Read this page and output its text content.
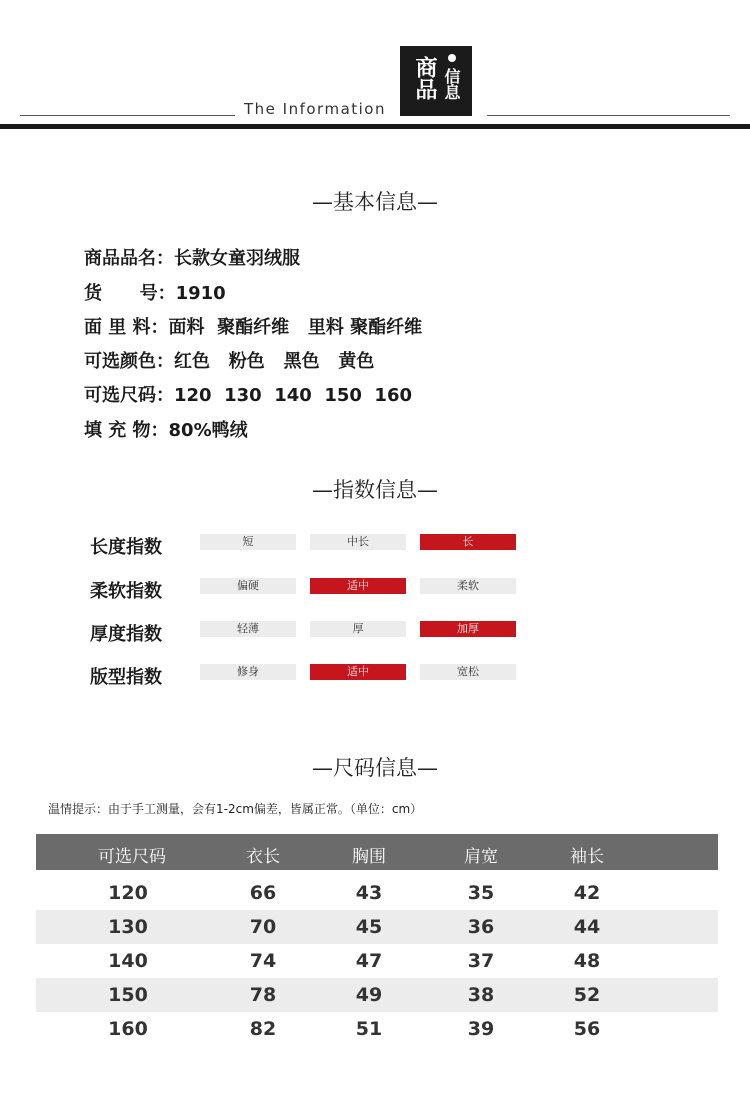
The Information
商品 信息
—基本信息—
商品品名：长款女童羽绒服
货      号：1910
面 里 料：面料  聚酯纤维   里料 聚酯纤维
可选颜色：红色   粉色   黑色   黄色
可选尺码：120  130  140  150  160
填 充 物：80%鸭绒
—指数信息—
长度指数	短	中长	长
柔软指数	偏硬	适中	柔软
厚度指数	轻薄	厚	加厚
版型指数	修身	适中	宽松
—尺码信息—
温情提示：由于手工测量，会有1-2cm偏差，皆属正常。（单位：cm）
可选尺码	衣长	胸围	肩宽	袖长
120	66	43	35	42
130	70	45	36	44
140	74	47	37	48
150	78	49	38	52
160	82	51	39	56
